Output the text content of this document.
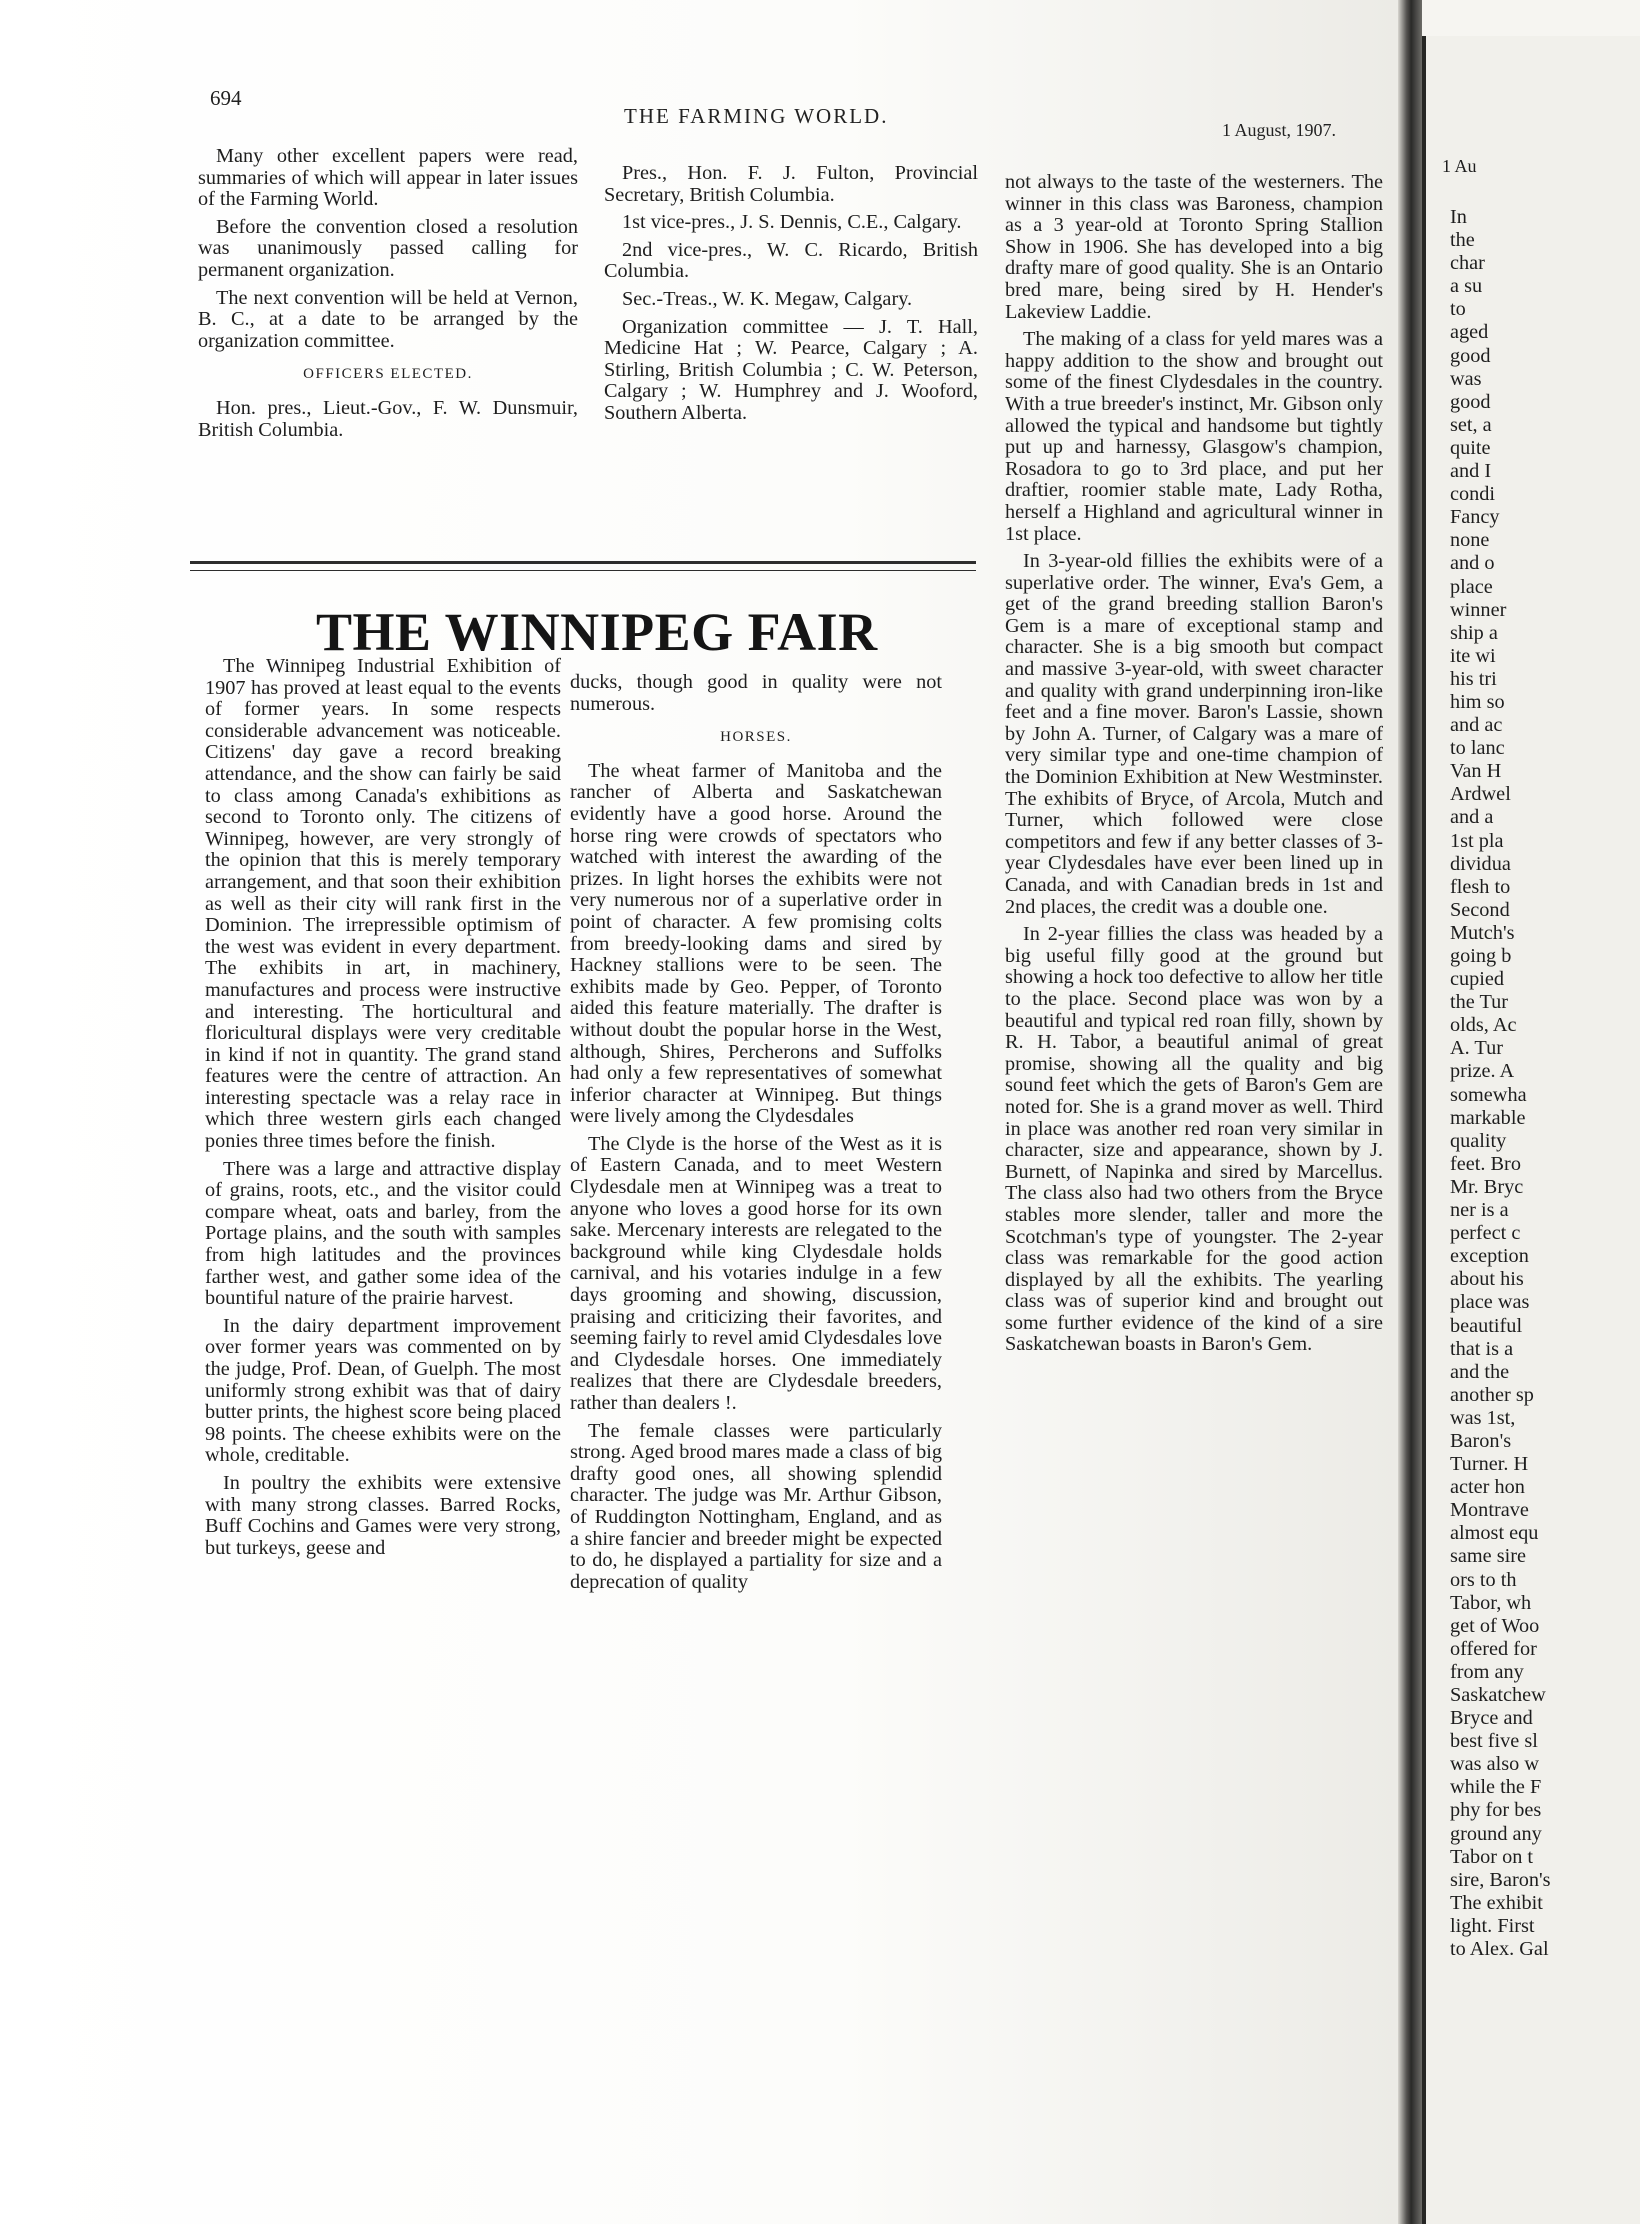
694
THE FARMING WORLD.
1 August, 1907.

Many other excellent papers were read, summaries of which will appear in later issues of the Farming World.

Before the convention closed a resolution was unanimously passed calling for permanent organization.

The next convention will be held at Vernon, B. C., at a date to be arranged by the organization committee.

OFFICERS ELECTED.

Hon. pres., Lieut.-Gov., F. W. Dunsmuir, British Columbia.

Pres., Hon. F. J. Fulton, Provincial Secretary, British Columbia.

1st vice-pres., J. S. Dennis, C.E., Calgary.

2nd vice-pres., W. C. Ricardo, British Columbia.

Sec.-Treas., W. K. Megaw, Calgary.

Organization committee — J. T. Hall, Medicine Hat ; W. Pearce, Calgary ; A. Stirling, British Columbia ; C. W. Peterson, Calgary ; W. Humphrey and J. Wooford, Southern Alberta.

THE WINNIPEG FAIR

The Winnipeg Industrial Exhibition of 1907 has proved at least equal to the events of former years. In some respects considerable advancement was noticeable. Citizens' day gave a record breaking attendance, and the show can fairly be said to class among Canada's exhibitions as second to Toronto only. The citizens of Winnipeg, however, are very strongly of the opinion that this is merely temporary arrangement, and that soon their exhibition as well as their city will rank first in the Dominion. The irrepressible optimism of the west was evident in every department. The exhibits in art, in machinery, manufactures and process were instructive and interesting. The horticultural and floricultural displays were very creditable in kind if not in quantity. The grand stand features were the centre of attraction. An interesting spectacle was a relay race in which three western girls each changed ponies three times before the finish.

There was a large and attractive display of grains, roots, etc., and the visitor could compare wheat, oats and barley, from the Portage plains, and the south with samples from high latitudes and the provinces farther west, and gather some idea of the bountiful nature of the prairie harvest.

In the dairy department improvement over former years was commented on by the judge, Prof. Dean, of Guelph. The most uniformly strong exhibit was that of dairy butter prints, the highest score being placed 98 points. The cheese exhibits were on the whole, creditable.

In poultry the exhibits were extensive with many strong classes. Barred Rocks, Buff Cochins and Games were very strong, but turkeys, geese and

ducks, though good in quality were not numerous.

HORSES.

The wheat farmer of Manitoba and the rancher of Alberta and Saskatchewan evidently have a good horse. Around the horse ring were crowds of spectators who watched with interest the awarding of the prizes. In light horses the exhibits were not very numerous nor of a superlative order in point of character. A few promising colts from breedy-looking dams and sired by Hackney stallions were to be seen. The exhibits made by Geo. Pepper, of Toronto aided this feature materially. The drafter is without doubt the popular horse in the West, although, Shires, Percherons and Suffolks had only a few representatives of somewhat inferior character at Winnipeg. But things were lively among the Clydesdales

The Clyde is the horse of the West as it is of Eastern Canada, and to meet Western Clydesdale men at Winnipeg was a treat to anyone who loves a good horse for its own sake. Mercenary interests are relegated to the background while king Clydesdale holds carnival, and his votaries indulge in a few days grooming and showing, discussion, praising and criticizing their favorites, and seeming fairly to revel amid Clydesdales love and Clydesdale horses. One immediately realizes that there are Clydesdale breeders, rather than dealers !.

The female classes were particularly strong. Aged brood mares made a class of big drafty good ones, all showing splendid character. The judge was Mr. Arthur Gibson, of Ruddington Nottingham, England, and as a shire fancier and breeder might be expected to do, he displayed a partiality for size and a deprecation of quality

not always to the taste of the westerners. The winner in this class was Baroness, champion as a 3 year-old at Toronto Spring Stallion Show in 1906. She has developed into a big drafty mare of good quality. She is an Ontario bred mare, being sired by H. Hender's Lakeview Laddie.

The making of a class for yeld mares was a happy addition to the show and brought out some of the finest Clydesdales in the country. With a true breeder's instinct, Mr. Gibson only allowed the typical and handsome but tightly put up and harnessy, Glasgow's champion, Rosadora to go to 3rd place, and put her draftier, roomier stable mate, Lady Rotha, herself a Highland and agricultural winner in 1st place.

In 3-year-old fillies the exhibits were of a superlative order. The winner, Eva's Gem, a get of the grand breeding stallion Baron's Gem is a mare of exceptional stamp and character. She is a big smooth but compact and massive 3-year-old, with sweet character and quality with grand underpinning iron-like feet and a fine mover. Baron's Lassie, shown by John A. Turner, of Calgary was a mare of very similar type and one-time champion of the Dominion Exhibition at New Westminster. The exhibits of Bryce, of Arcola, Mutch and Turner, which followed were close competitors and few if any better classes of 3-year Clydesdales have ever been lined up in Canada, and with Canadian breds in 1st and 2nd places, the credit was a double one.

In 2-year fillies the class was headed by a big useful filly good at the ground but showing a hock too defective to allow her title to the place. Second place was won by a beautiful and typical red roan filly, shown by R. H. Tabor, a beautiful animal of great promise, showing all the quality and big sound feet which the gets of Baron's Gem are noted for. She is a grand mover as well. Third in place was another red roan very similar in character, size and appearance, shown by J. Burnett, of Napinka and sired by Marcellus. The class also had two others from the Bryce stables more slender, taller and more the Scotchman's type of youngster. The 2-year class was remarkable for the good action displayed by all the exhibits. The yearling class was of superior kind and brought out some further evidence of the kind of a sire Saskatchewan boasts in Baron's Gem.

1 Au
In
the
char
a su
to
aged
good
was
good
set, a
quite
and I
condi
Fancy
none
and o
place
winner
ship a
ite wi
his tri
him so
and ac
to lanc
Van H
Ardwel
and a
1st pla
dividua
flesh to
Second
Mutch's
going b
cupied
the Tur
olds, Ac
A. Tur
prize. A
somewha
markable
quality
feet. Bro
Mr. Bryc
ner is a
perfect c
exception
about his
place was
beautiful
that is a
and the
another sp
was 1st,
Baron's
Turner. H
acter hon
Montrave
almost equ
same sire
ors to th
Tabor, wh
get of Woo
offered for
from any
Saskatchew
Bryce and
best five sl
was also w
while the F
phy for bes
ground any
Tabor on t
sire, Baron's
The exhibit
light. First
to Alex. Gal
